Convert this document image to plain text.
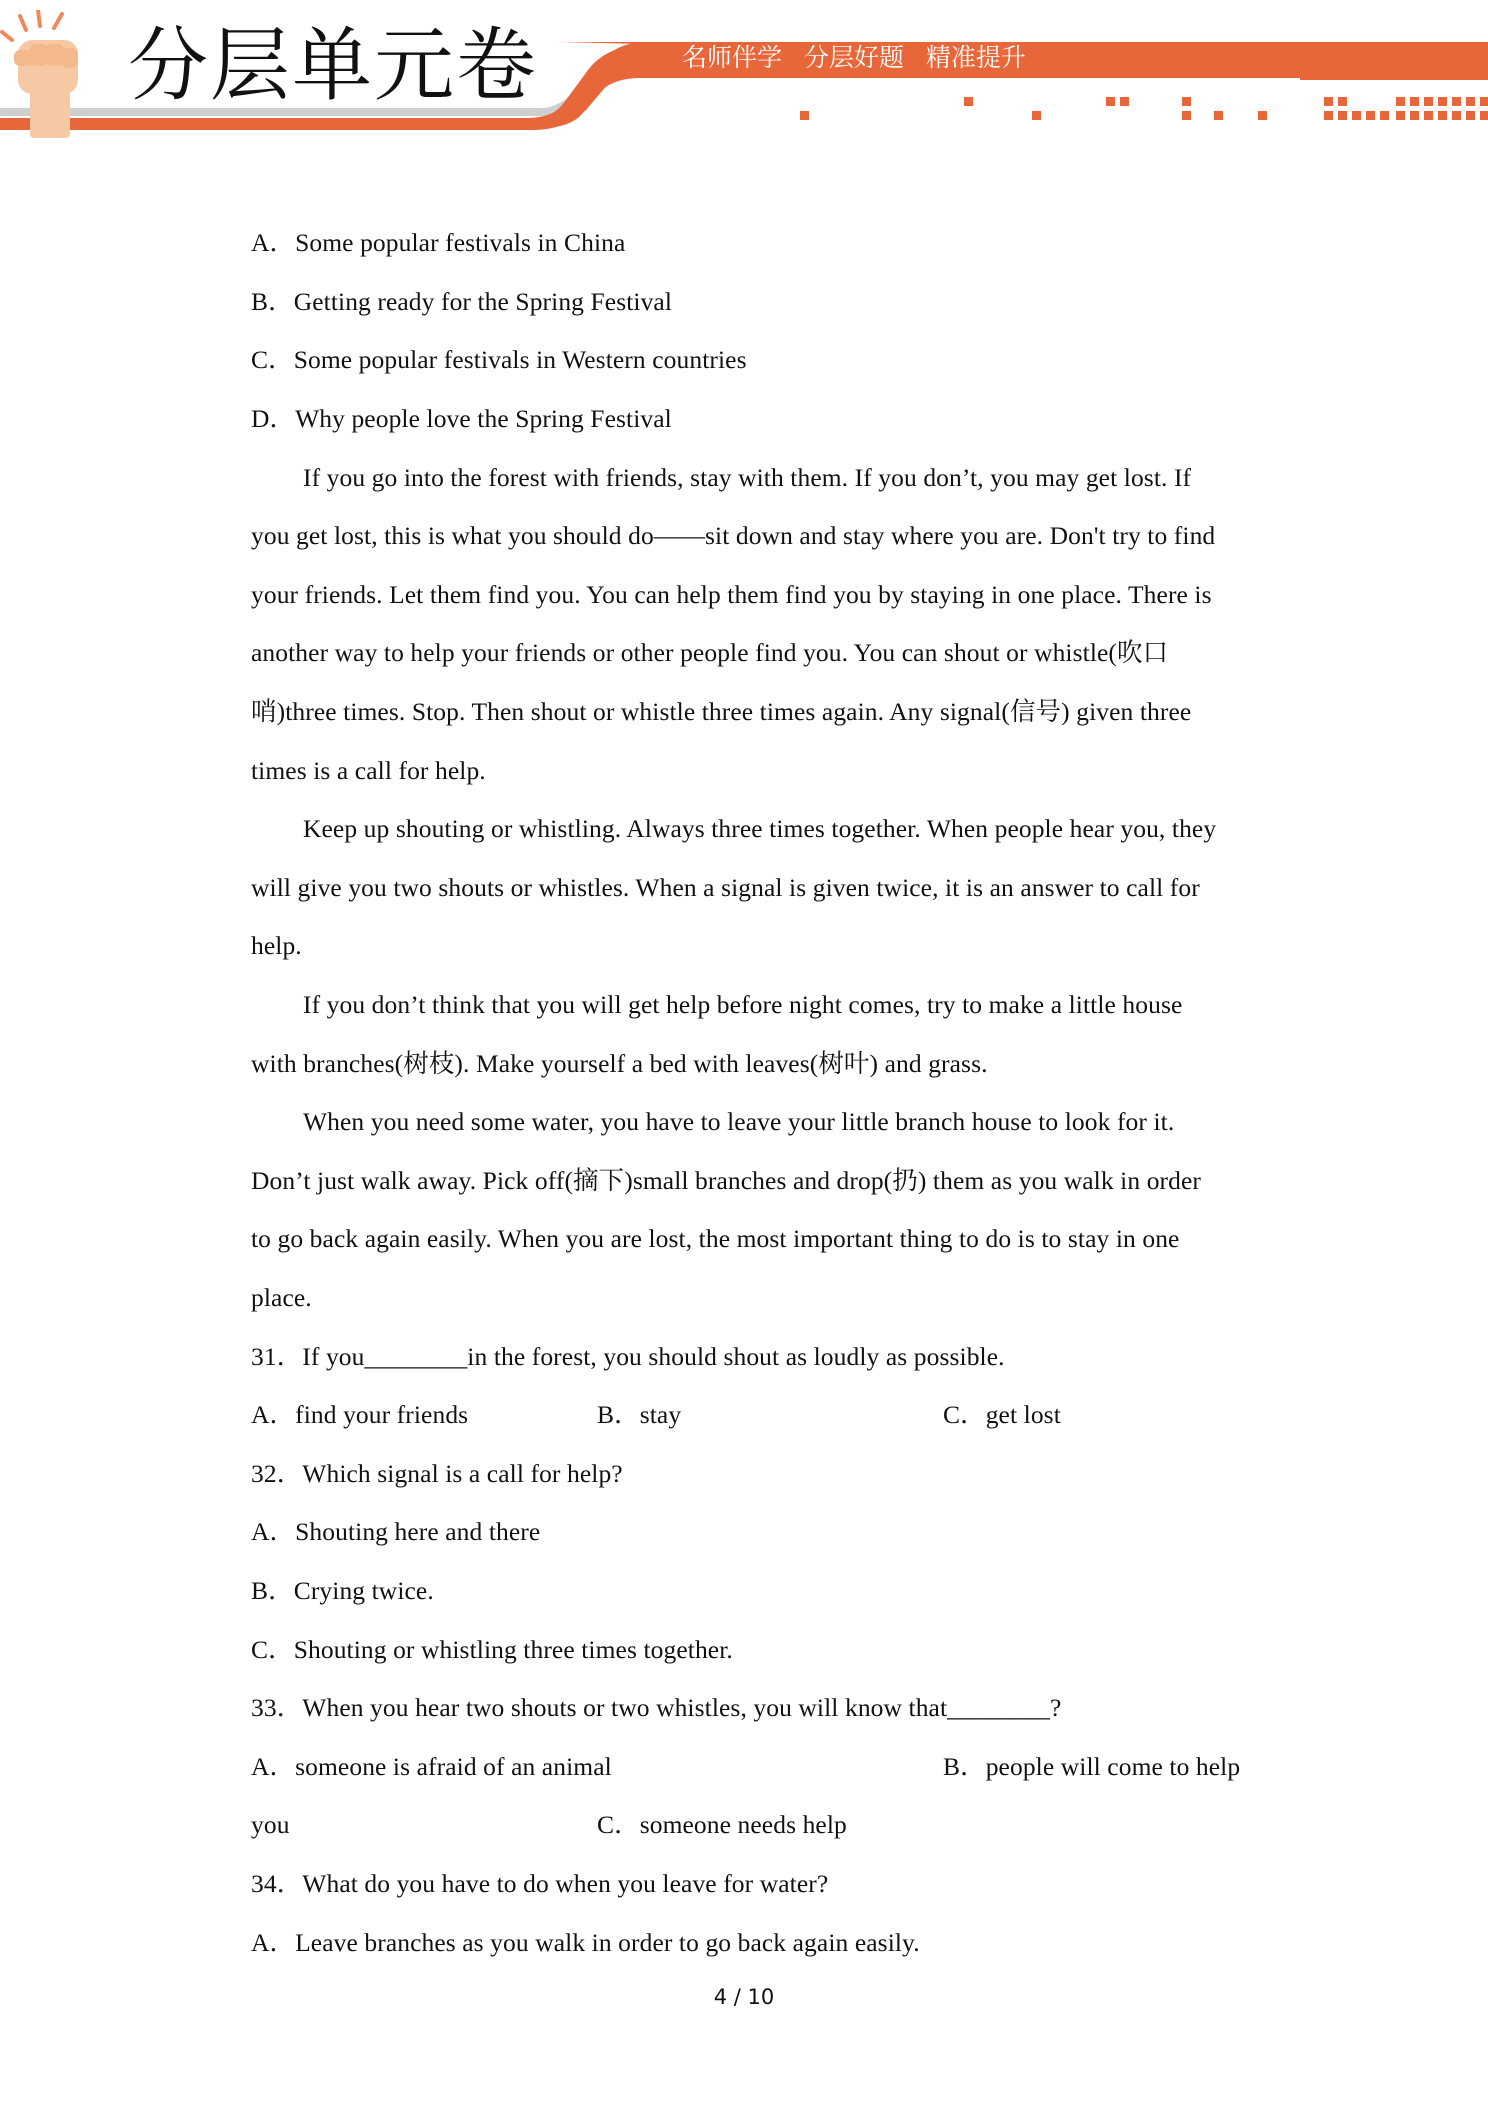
分层单元卷	名师伴学 分层好题 精准提升
A．Some popular festivals in China
B．Getting ready for the Spring Festival
C．Some popular festivals in Western countries
D．Why people love the Spring Festival
If you go into the forest with friends, stay with them. If you don’t, you may get lost. If
you get lost, this is what you should do——sit down and stay where you are. Don't try to find
your friends. Let them find you. You can help them find you by staying in one place. There is
another way to help your friends or other people find you. You can shout or whistle(吹口
哨)three times. Stop. Then shout or whistle three times again. Any signal(信号) given three
times is a call for help.
Keep up shouting or whistling. Always three times together. When people hear you, they
will give you two shouts or whistles. When a signal is given twice, it is an answer to call for
help.
If you don’t think that you will get help before night comes, try to make a little house
with branches(树枝). Make yourself a bed with leaves(树叶) and grass.
When you need some water, you have to leave your little branch house to look for it.
Don’t just walk away. Pick off(摘下)small branches and drop(扔) them as you walk in order
to go back again easily. When you are lost, the most important thing to do is to stay in one
place.
31．If you________in the forest, you should shout as loudly as possible.
A．find your friends	B．stay	C．get lost
32．Which signal is a call for help?
A．Shouting here and there
B．Crying twice.
C．Shouting or whistling three times together.
33．When you hear two shouts or two whistles, you will know that________?
A．someone is afraid of an animal	B．people will come to help
you	C．someone needs help
34．What do you have to do when you leave for water?
A．Leave branches as you walk in order to go back again easily.
4 / 10
